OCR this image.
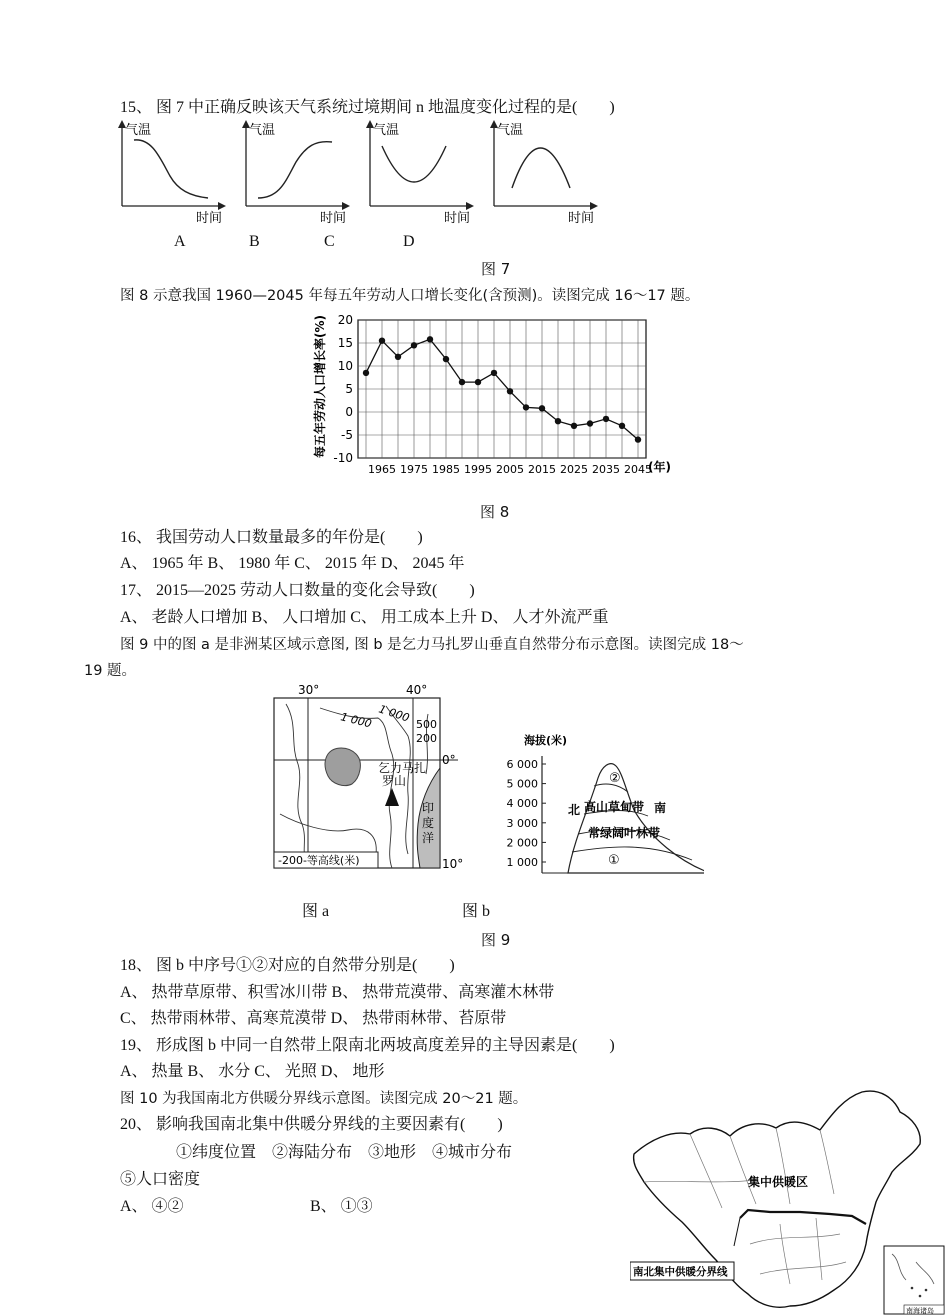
15、 图 7 中正确反映该天气系统过境期间 n 地温度变化过程的是(　　)
气温
时间
气温
时间
气温
时间
气温
时间
A	B	C	D
图 7
图 8 示意我国 1960—2045 年每五年劳动人口增长变化(含预测)。读图完成 16～17 题。
20
15
10
5
0
-5
-10
1965 1975 1985 1995 2005 2015 2025 2035 2045
每五年劳动人口增长率(%)
(年)
图 8
16、 我国劳动人口数量最多的年份是(　　)
A、 1965 年 B、 1980 年 C、 2015 年 D、 2045 年
17、 2015—2025 劳动人口数量的变化会导致(　　)
A、 老龄人口增加 B、 人口增加 C、 用工成本上升 D、 人才外流严重
图 9 中的图 a 是非洲某区域示意图, 图 b 是乞力马扎罗山垂直自然带分布示意图。读图完成 18～
19 题。
30°	40°
0°
10°
1 000 1 000 500
200
乞力马扎
罗山
印
度
洋
-200-等高线(米)
6 000
5 000
4 000
3 000
2 000
1 000
海拔(米)
北	南
②
高山草甸带
常绿阔叶林带
①
图 a	图 b
图 9
18、 图 b 中序号①②对应的自然带分别是(　　)
A、 热带草原带、积雪冰川带 B、 热带荒漠带、高寒灌木林带
C、 热带雨林带、高寒荒漠带 D、 热带雨林带、苔原带
19、 形成图 b 中同一自然带上限南北两坡高度差异的主导因素是(　　)
A、 热量 B、 水分 C、 光照 D、 地形
图 10 为我国南北方供暖分界线示意图。读图完成 20～21 题。
20、 影响我国南北集中供暖分界线的主要因素有(　　)
①纬度位置　②海陆分布　③地形　④城市分布
⑤人口密度
A、 ④②	B、 ①③
集中供暖区
南北集中供暖分界线
南海诸岛
